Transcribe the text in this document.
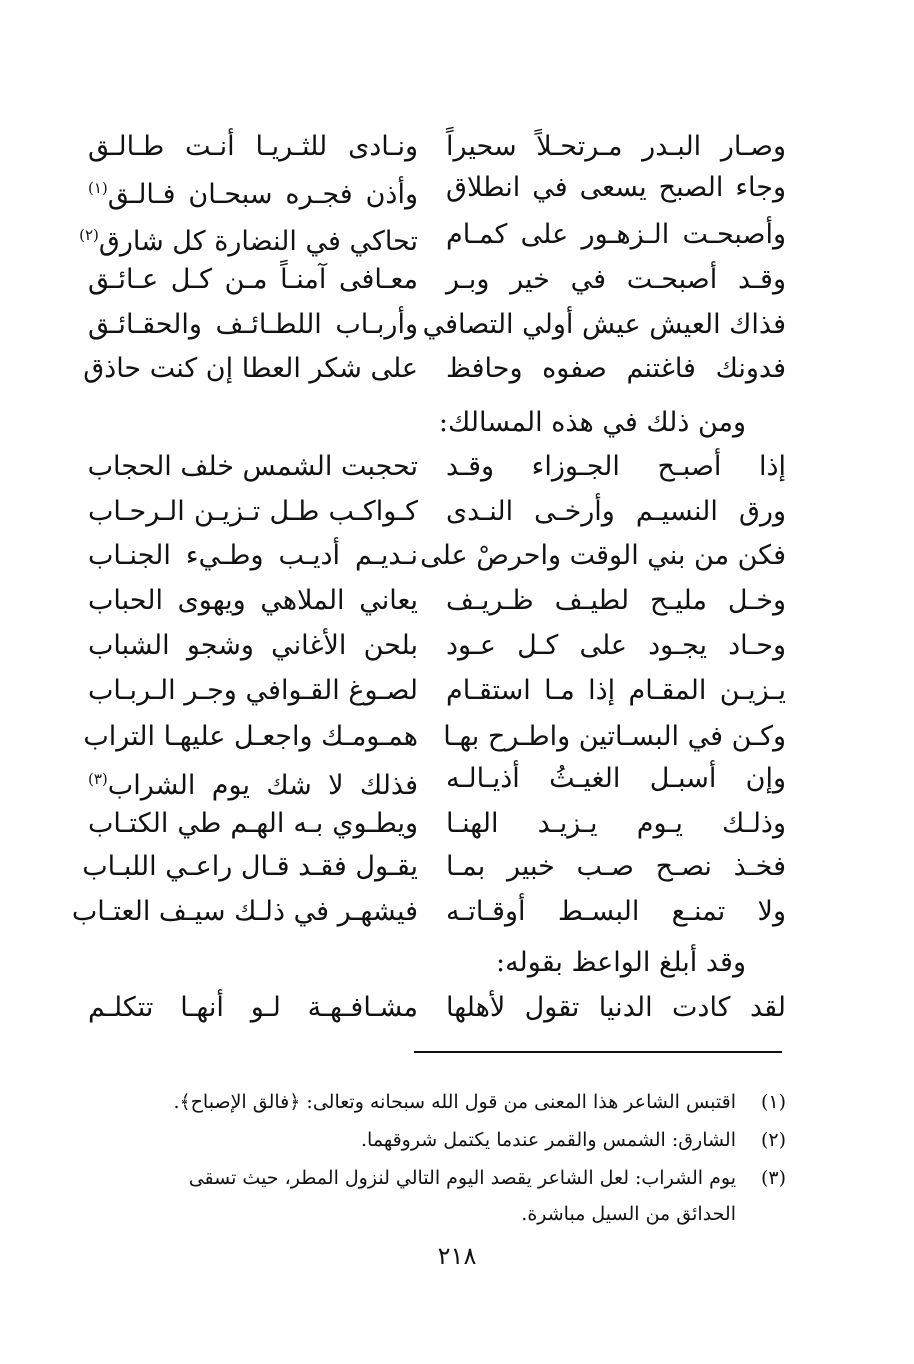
وصـار البـدر مـرتحـلاً سحيراً
ونـادى للثـريـا أنـت طـالـق
وجاء الصبح يسعى في انطلاق
وأذن فجـره سبحـان فـالـق$^{(١)}$
وأصبحـت الـزهـور على كمـام
تحاكي في النضارة كل شارق$^{(٢)}$
وقـد أصبحـت في خير وبـر
معـافى آمنـاً مـن كـل عـائـق
فذاك العيش عيش أولي التصافي
وأربـاب اللطـائـف والحقـائـق
فدونك فاغتنم صفوه وحافظ
على شكر العطا إن كنت حاذق
ومن ذلك في هذه المسالك:
إذا أصبـح الجـوزاء وقـد
تحجبت الشمس خلف الحجاب
ورق النسيـم وأرخـى النـدى
كـواكـب طـل تـزيـن الـرحـاب
فكن من بني الوقت واحرصْ على
نـديـم أديـب وطـيء الجنـاب
وخـل مليـح لطيـف ظـريـف
يعاني الملاهي ويهوى الحباب
وحـاد يجـود على كـل عـود
بلحن الأغاني وشجو الشباب
يـزيـن المقـام إذا مـا استقـام
لصـوغ القـوافي وجـر الـربـاب
وكـن في البسـاتين واطـرح بهـا
همـومـك واجعـل عليهـا التراب
وإن أسبـل الغيـثُ أذيـالـه
فذلك لا شك يوم الشراب$^{(٣)}$
وذلـك يـوم يـزيـد الهنـا
ويطـوي بـه الهـم طي الكتـاب
فخـذ نصـح صـب خبير بمـا
يقـول فقـد قـال راعـي اللبـاب
ولا تمنـع البسـط أوقـاتـه
فيشهـر في ذلـك سيـف العتـاب
وقد أبلغ الواعظ بقوله:
لقد كادت الدنيا تقول لأهلها
مشـافـهـة لـو أنهـا تتكلـم
(١)اقتبس الشاعر هذا المعنى من قول الله سبحانه وتعالى: ﴿فالق الإصباح﴾.
(٢)الشارق: الشمس والقمر عندما يكتمل شروقهما.
(٣)يوم الشراب: لعل الشاعر يقصد اليوم التالي لنزول المطر، حيث تسقى
الحدائق من السيل مباشرة.
٢١٨
